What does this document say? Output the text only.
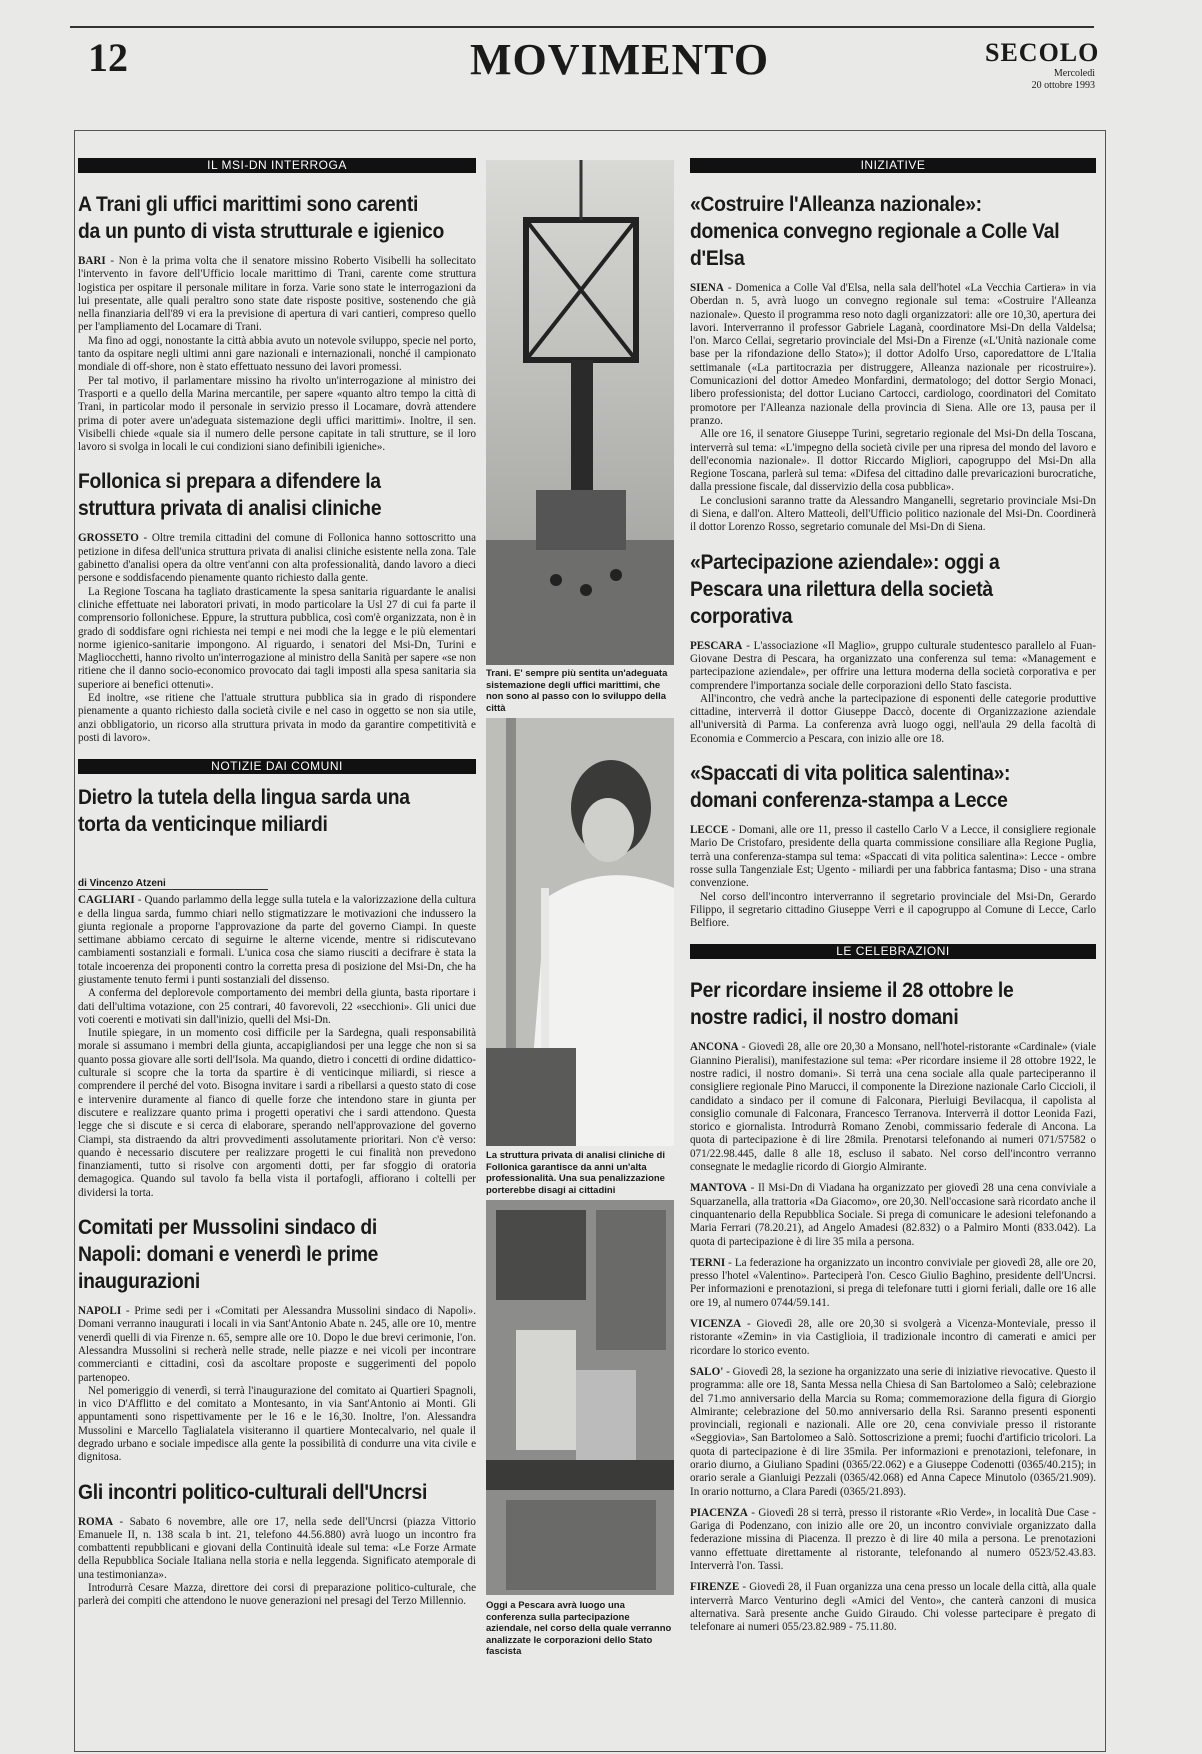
12	MOVIMENTO	SECOLO
Mercoledì
20 ottobre 1993
IL MSI-DN INTERROGA
A Trani gli uffici marittimi sono carenti da un punto di vista strutturale e igienico

BARI - Non è la prima volta che il senatore missino Roberto Visibelli ha sollecitato l'intervento in favore dell'Ufficio locale marittimo di Trani, carente come struttura logistica per ospitare il personale militare in forza. Varie sono state le interrogazioni da lui presentate, alle quali peraltro sono state date risposte positive, sostenendo che già nella finanziaria dell'89 vi era la previsione di apertura di vari cantieri, compreso quello per l'ampliamento del Locamare di Trani.

Ma fino ad oggi, nonostante la città abbia avuto un notevole sviluppo, specie nel porto, tanto da ospitare negli ultimi anni gare nazionali e internazionali, nonché il campionato mondiale di off-shore, non è stato effettuato nessuno dei lavori promessi.

Per tal motivo, il parlamentare missino ha rivolto un'interrogazione al ministro dei Trasporti e a quello della Marina mercantile, per sapere «quanto altro tempo la città di Trani, in particolar modo il personale in servizio presso il Locamare, dovrà attendere prima di poter avere un'adeguata sistemazione degli uffici marittimi». Inoltre, il sen. Visibelli chiede «quale sia il numero delle persone capitate in tali strutture, se il loro lavoro si svolga in locali le cui condizioni siano definibili igieniche».

Follonica si prepara a difendere la struttura privata di analisi cliniche

GROSSETO - Oltre tremila cittadini del comune di Follonica hanno sottoscritto una petizione in difesa dell'unica struttura privata di analisi cliniche esistente nella zona. Tale gabinetto d'analisi opera da oltre vent'anni con alta professionalità, dando lavoro a dieci persone e soddisfacendo pienamente quanto richiesto dalla gente.

La Regione Toscana ha tagliato drasticamente la spesa sanitaria riguardante le analisi cliniche effettuate nei laboratori privati, in modo particolare la Usl 27 di cui fa parte il comprensorio follonichese. Eppure, la struttura pubblica, così com'è organizzata, non è in grado di soddisfare ogni richiesta nei tempi e nei modi che la legge e le più elementari norme igienico-sanitarie impongono. Al riguardo, i senatori del Msi-Dn, Turini e Magliocchetti, hanno rivolto un'interrogazione al ministro della Sanità per sapere «se non ritiene che il danno socio-economico provocato dai tagli imposti alla spesa sanitaria sia superiore ai benefici ottenuti».

Ed inoltre, «se ritiene che l'attuale struttura pubblica sia in grado di rispondere pienamente a quanto richiesto dalla società civile e nel caso in oggetto se non sia utile, anzi obbligatorio, un ricorso alla struttura privata in modo da garantire competitività e posti di lavoro».

NOTIZIE DAI COMUNI
Dietro la tutela della lingua sarda una torta da venticinque miliardi
di Vincenzo Atzeni

CAGLIARI - Quando parlammo della legge sulla tutela e la valorizzazione della cultura e della lingua sarda, fummo chiari nello stigmatizzare le motivazioni che indussero la giunta regionale a proporne l'approvazione da parte del governo Ciampi. In queste settimane abbiamo cercato di seguirne le alterne vicende, mentre si ridiscutevano cambiamenti sostanziali e formali. L'unica cosa che siamo riusciti a decifrare è stata la totale incoerenza dei proponenti contro la corretta presa di posizione del Msi-Dn, che ha giustamente tenuto fermi i punti sostanziali del dissenso.

A conferma del deplorevole comportamento dei membri della giunta, basta riportare i dati dell'ultima votazione, con 25 contrari, 40 favorevoli, 22 «secchioni». Gli unici due voti coerenti e motivati sin dall'inizio, quelli del Msi-Dn.

Inutile spiegare, in un momento così difficile per la Sardegna, quali responsabilità morale si assumano i membri della giunta, accapigliandosi per una legge che non si sa quanto possa giovare alle sorti dell'Isola. Ma quando, dietro i concetti di ordine didattico-culturale si scopre che la torta da spartire è di venticinque miliardi, si riesce a comprendere il perché del voto. Bisogna invitare i sardi a ribellarsi a questo stato di cose e intervenire duramente al fianco di quelle forze che intendono stare in giunta per discutere e realizzare quanto prima i progetti operativi che i sardi attendono. Questa legge che si discute e si cerca di elaborare, sperando nell'approvazione del governo Ciampi, sta distraendo da altri provvedimenti assolutamente prioritari. Non c'è verso: quando è necessario discutere per realizzare progetti le cui finalità non prevedono finanziamenti, tutto si risolve con argomenti dotti, per far sfoggio di oratoria demagogica. Quando sul tavolo fa bella vista il portafogli, affiorano i coltelli per dividersi la torta.

Comitati per Mussolini sindaco di Napoli: domani e venerdì le prime inaugurazioni

NAPOLI - Prime sedi per i «Comitati per Alessandra Mussolini sindaco di Napoli». Domani verranno inaugurati i locali in via Sant'Antonio Abate n. 245, alle ore 10, mentre venerdì quelli di via Firenze n. 65, sempre alle ore 10. Dopo le due brevi cerimonie, l'on. Alessandra Mussolini si recherà nelle strade, nelle piazze e nei vicoli per incontrare commercianti e cittadini, così da ascoltare proposte e suggerimenti del popolo partenopeo.

Nel pomeriggio di venerdì, si terrà l'inaugurazione del comitato ai Quartieri Spagnoli, in vico D'Afflitto e del comitato a Montesanto, in via Sant'Antonio ai Monti. Gli appuntamenti sono rispettivamente per le 16 e le 16,30. Inoltre, l'on. Alessandra Mussolini e Marcello Taglialatela visiteranno il quartiere Montecalvario, nel quale il degrado urbano e sociale impedisce alla gente la possibilità di condurre una vita civile e dignitosa.

Gli incontri politico-culturali dell'Uncrsi

ROMA - Sabato 6 novembre, alle ore 17, nella sede dell'Uncrsi (piazza Vittorio Emanuele II, n. 138 scala b int. 21, telefono 44.56.880) avrà luogo un incontro fra combattenti repubblicani e giovani della Continuità ideale sul tema: «Le Forze Armate della Repubblica Sociale Italiana nella storia e nella leggenda. Significato atemporale di una testimonianza».

Introdurrà Cesare Mazza, direttore dei corsi di preparazione politico-culturale, che parlerà dei compiti che attendono le nuove generazioni nel presagi del Terzo Millennio.

Trani. E' sempre più sentita un'adeguata sistemazione degli uffici marittimi, che non sono al passo con lo sviluppo della città
La struttura privata di analisi cliniche di Follonica garantisce da anni un'alta professionalità. Una sua penalizzazione porterebbe disagi ai cittadini
Oggi a Pescara avrà luogo una conferenza sulla partecipazione aziendale, nel corso della quale verranno analizzate le corporazioni dello Stato fascista
INIZIATIVE
«Costruire l'Alleanza nazionale»: domenica convegno regionale a Colle Val d'Elsa

SIENA - Domenica a Colle Val d'Elsa, nella sala dell'hotel «La Vecchia Cartiera» in via Oberdan n. 5, avrà luogo un convegno regionale sul tema: «Costruire l'Alleanza nazionale». Questo il programma reso noto dagli organizzatori: alle ore 10,30, apertura dei lavori. Interverranno il professor Gabriele Laganà, coordinatore Msi-Dn della Valdelsa; l'on. Marco Cellai, segretario provinciale del Msi-Dn a Firenze («L'Unità nazionale come base per la rifondazione dello Stato»); il dottor Adolfo Urso, caporedattore de L'Italia settimanale («La partitocrazia per distruggere, Alleanza nazionale per ricostruire»). Comunicazioni del dottor Amedeo Monfardini, dermatologo; del dottor Sergio Monaci, libero professionista; del dottor Luciano Cartocci, cardiologo, coordinatori del Comitato promotore per l'Alleanza nazionale della provincia di Siena. Alle ore 13, pausa per il pranzo.

Alle ore 16, il senatore Giuseppe Turini, segretario regionale del Msi-Dn della Toscana, interverrà sul tema: «L'impegno della società civile per una ripresa del mondo del lavoro e dell'economia nazionale». Il dottor Riccardo Migliori, capogruppo del Msi-Dn alla Regione Toscana, parlerà sul tema: «Difesa del cittadino dalle prevaricazioni burocratiche, dalla pressione fiscale, dal disservizio della cosa pubblica».

Le conclusioni saranno tratte da Alessandro Manganelli, segretario provinciale Msi-Dn di Siena, e dall'on. Altero Matteoli, dell'Ufficio politico nazionale del Msi-Dn. Coordinerà il dottor Lorenzo Rosso, segretario comunale del Msi-Dn di Siena.

«Partecipazione aziendale»: oggi a Pescara una rilettura della società corporativa

PESCARA - L'associazione «Il Maglio», gruppo culturale studentesco parallelo al Fuan-Giovane Destra di Pescara, ha organizzato una conferenza sul tema: «Management e partecipazione aziendale», per offrire una lettura moderna della società corporativa e per comprendere l'importanza sociale delle corporazioni dello Stato fascista.

All'incontro, che vedrà anche la partecipazione di esponenti delle categorie produttive cittadine, interverrà il dottor Giuseppe Daccò, docente di Organizzazione aziendale all'università di Parma. La conferenza avrà luogo oggi, nell'aula 29 della facoltà di Economia e Commercio a Pescara, con inizio alle ore 18.

«Spaccati di vita politica salentina»: domani conferenza-stampa a Lecce

LECCE - Domani, alle ore 11, presso il castello Carlo V a Lecce, il consigliere regionale Mario De Cristofaro, presidente della quarta commissione consiliare alla Regione Puglia, terrà una conferenza-stampa sul tema: «Spaccati di vita politica salentina»: Lecce - ombre rosse sulla Tangenziale Est; Ugento - miliardi per una fabbrica fantasma; Diso - una strana convenzione.

Nel corso dell'incontro interverranno il segretario provinciale del Msi-Dn, Gerardo Filippo, il segretario cittadino Giuseppe Verri e il capogruppo al Comune di Lecce, Carlo Belfiore.

LE CELEBRAZIONI
Per ricordare insieme il 28 ottobre le nostre radici, il nostro domani

ANCONA - Giovedì 28, alle ore 20,30 a Monsano, nell'hotel-ristorante «Cardinale» (viale Giannino Pieralisi), manifestazione sul tema: «Per ricordare insieme il 28 ottobre 1922, le nostre radici, il nostro domani». Si terrà una cena sociale alla quale parteciperanno il consigliere regionale Pino Marucci, il componente la Direzione nazionale Carlo Ciccioli, il candidato a sindaco per il comune di Falconara, Pierluigi Bevilacqua, il capolista al consiglio comunale di Falconara, Francesco Terranova. Interverrà il dottor Leonida Fazi, storico e giornalista. Introdurrà Romano Zenobi, commissario federale di Ancona. La quota di partecipazione è di lire 28mila. Prenotarsi telefonando ai numeri 071/57582 o 071/22.98.445, dalle 8 alle 18, escluso il sabato. Nel corso dell'incontro verranno consegnate le medaglie ricordo di Giorgio Almirante.

MANTOVA - Il Msi-Dn di Viadana ha organizzato per giovedì 28 una cena conviviale a Squarzanella, alla trattoria «Da Giacomo», ore 20,30. Nell'occasione sarà ricordato anche il cinquantenario della Repubblica Sociale. Si prega di comunicare le adesioni telefonando a Maria Ferrari (78.20.21), ad Angelo Amadesi (82.832) o a Palmiro Monti (833.042). La quota di partecipazione è di lire 35 mila a persona.

TERNI - La federazione ha organizzato un incontro conviviale per giovedì 28, alle ore 20, presso l'hotel «Valentino». Parteciperà l'on. Cesco Giulio Baghino, presidente dell'Uncrsi. Per informazioni e prenotazioni, si prega di telefonare tutti i giorni feriali, dalle ore 16 alle ore 19, al numero 0744/59.141.

VICENZA - Giovedì 28, alle ore 20,30 si svolgerà a Vicenza-Monteviale, presso il ristorante «Zemin» in via Castiglioia, il tradizionale incontro di camerati e amici per ricordare lo storico evento.

SALO' - Giovedì 28, la sezione ha organizzato una serie di iniziative rievocative. Questo il programma: alle ore 18, Santa Messa nella Chiesa di San Bartolomeo a Salò; celebrazione del 71.mo anniversario della Marcia su Roma; commemorazione della figura di Giorgio Almirante; celebrazione del 50.mo anniversario della Rsi. Saranno presenti esponenti provinciali, regionali e nazionali. Alle ore 20, cena conviviale presso il ristorante «Seggiovia», San Bartolomeo a Salò. Sottoscrizione a premi; fuochi d'artificio tricolori. La quota di partecipazione è di lire 35mila. Per informazioni e prenotazioni, telefonare, in orario diurno, a Giuliano Spadini (0365/22.062) e a Giuseppe Codenotti (0365/40.215); in orario serale a Gianluigi Pezzali (0365/42.068) ed Anna Capece Minutolo (0365/21.909). In orario notturno, a Clara Paredi (0365/21.893).

PIACENZA - Giovedì 28 si terrà, presso il ristorante «Rio Verde», in località Due Case - Gariga di Podenzano, con inizio alle ore 20, un incontro conviviale organizzato dalla federazione missina di Piacenza. Il prezzo è di lire 40 mila a persona. Le prenotazioni vanno effettuate direttamente al ristorante, telefonando al numero 0523/52.43.83. Interverrà l'on. Tassi.

FIRENZE - Giovedì 28, il Fuan organizza una cena presso un locale della città, alla quale interverrà Marco Venturino degli «Amici del Vento», che canterà canzoni di musica alternativa. Sarà presente anche Guido Giraudo. Chi volesse partecipare è pregato di telefonare ai numeri 055/23.82.989 - 75.11.80.
